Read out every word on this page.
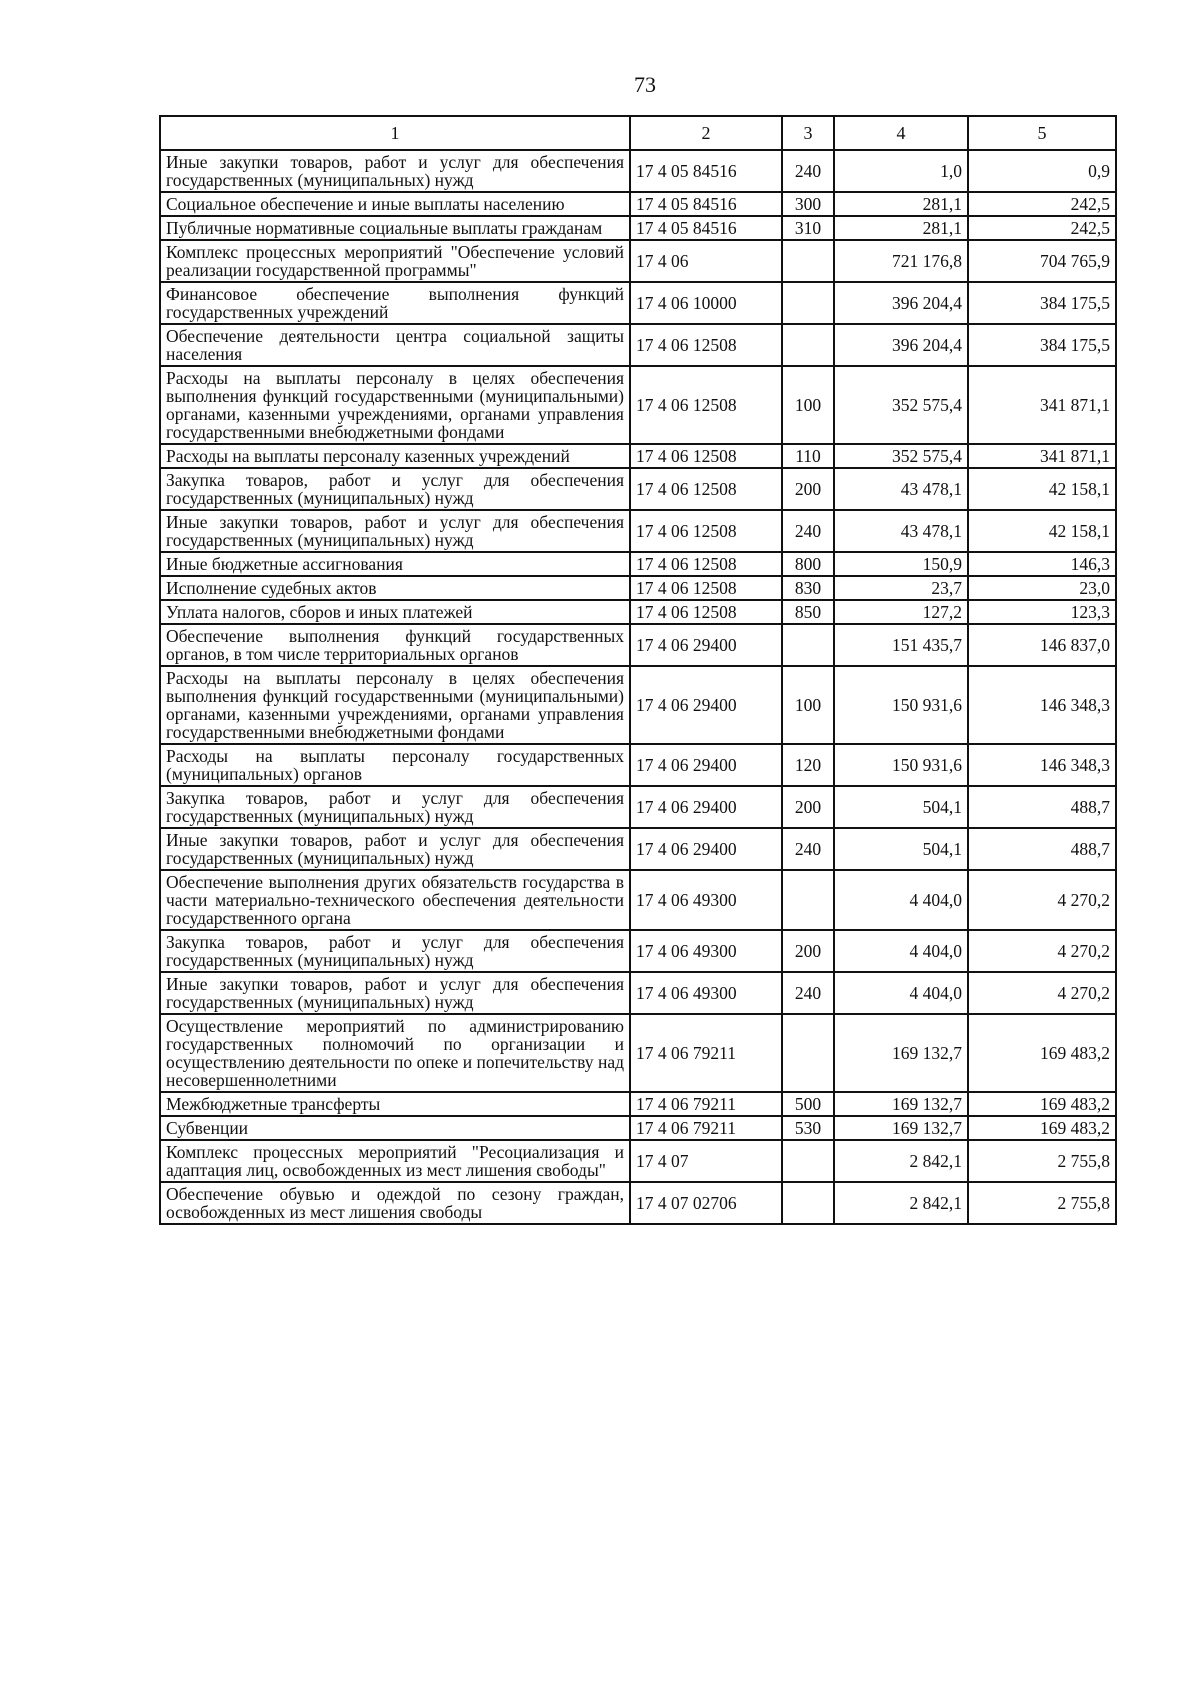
73
1	2	3	4	5
Иные закупки товаров, работ и услуг для обеспечения государственных (муниципальных) нужд	17 4 05 84516	240	1,0	0,9
Социальное обеспечение и иные выплаты населению	17 4 05 84516	300	281,1	242,5
Публичные нормативные социальные выплаты гражданам	17 4 05 84516	310	281,1	242,5
Комплекс процессных мероприятий "Обеспечение условий реализации государственной программы"	17 4 06		721 176,8	704 765,9
Финансовое обеспечение выполнения функций государственных учреждений	17 4 06 10000		396 204,4	384 175,5
Обеспечение деятельности центра социальной защиты населения	17 4 06 12508		396 204,4	384 175,5
Расходы на выплаты персоналу в целях обеспечения выполнения функций государственными (муниципальными) органами, казенными учреждениями, органами управления государственными внебюджетными фондами	17 4 06 12508	100	352 575,4	341 871,1
Расходы на выплаты персоналу казенных учреждений	17 4 06 12508	110	352 575,4	341 871,1
Закупка товаров, работ и услуг для обеспечения государственных (муниципальных) нужд	17 4 06 12508	200	43 478,1	42 158,1
Иные закупки товаров, работ и услуг для обеспечения государственных (муниципальных) нужд	17 4 06 12508	240	43 478,1	42 158,1
Иные бюджетные ассигнования	17 4 06 12508	800	150,9	146,3
Исполнение судебных актов	17 4 06 12508	830	23,7	23,0
Уплата налогов, сборов и иных платежей	17 4 06 12508	850	127,2	123,3
Обеспечение выполнения функций государственных органов, в том числе территориальных органов	17 4 06 29400		151 435,7	146 837,0
Расходы на выплаты персоналу в целях обеспечения выполнения функций государственными (муниципальными) органами, казенными учреждениями, органами управления государственными внебюджетными фондами	17 4 06 29400	100	150 931,6	146 348,3
Расходы на выплаты персоналу государственных (муниципальных) органов	17 4 06 29400	120	150 931,6	146 348,3
Закупка товаров, работ и услуг для обеспечения государственных (муниципальных) нужд	17 4 06 29400	200	504,1	488,7
Иные закупки товаров, работ и услуг для обеспечения государственных (муниципальных) нужд	17 4 06 29400	240	504,1	488,7
Обеспечение выполнения других обязательств государства в части материально-технического обеспечения деятельности государственного органа	17 4 06 49300		4 404,0	4 270,2
Закупка товаров, работ и услуг для обеспечения государственных (муниципальных) нужд	17 4 06 49300	200	4 404,0	4 270,2
Иные закупки товаров, работ и услуг для обеспечения государственных (муниципальных) нужд	17 4 06 49300	240	4 404,0	4 270,2
Осуществление мероприятий по администрированию государственных полномочий по организации и осуществлению деятельности по опеке и попечительству над несовершеннолетними	17 4 06 79211		169 132,7	169 483,2
Межбюджетные трансферты	17 4 06 79211	500	169 132,7	169 483,2
Субвенции	17 4 06 79211	530	169 132,7	169 483,2
Комплекс процессных мероприятий "Ресоциализация и адаптация лиц, освобожденных из мест лишения свободы"	17 4 07		2 842,1	2 755,8
Обеспечение обувью и одеждой по сезону граждан, освобожденных из мест лишения свободы	17 4 07 02706		2 842,1	2 755,8
